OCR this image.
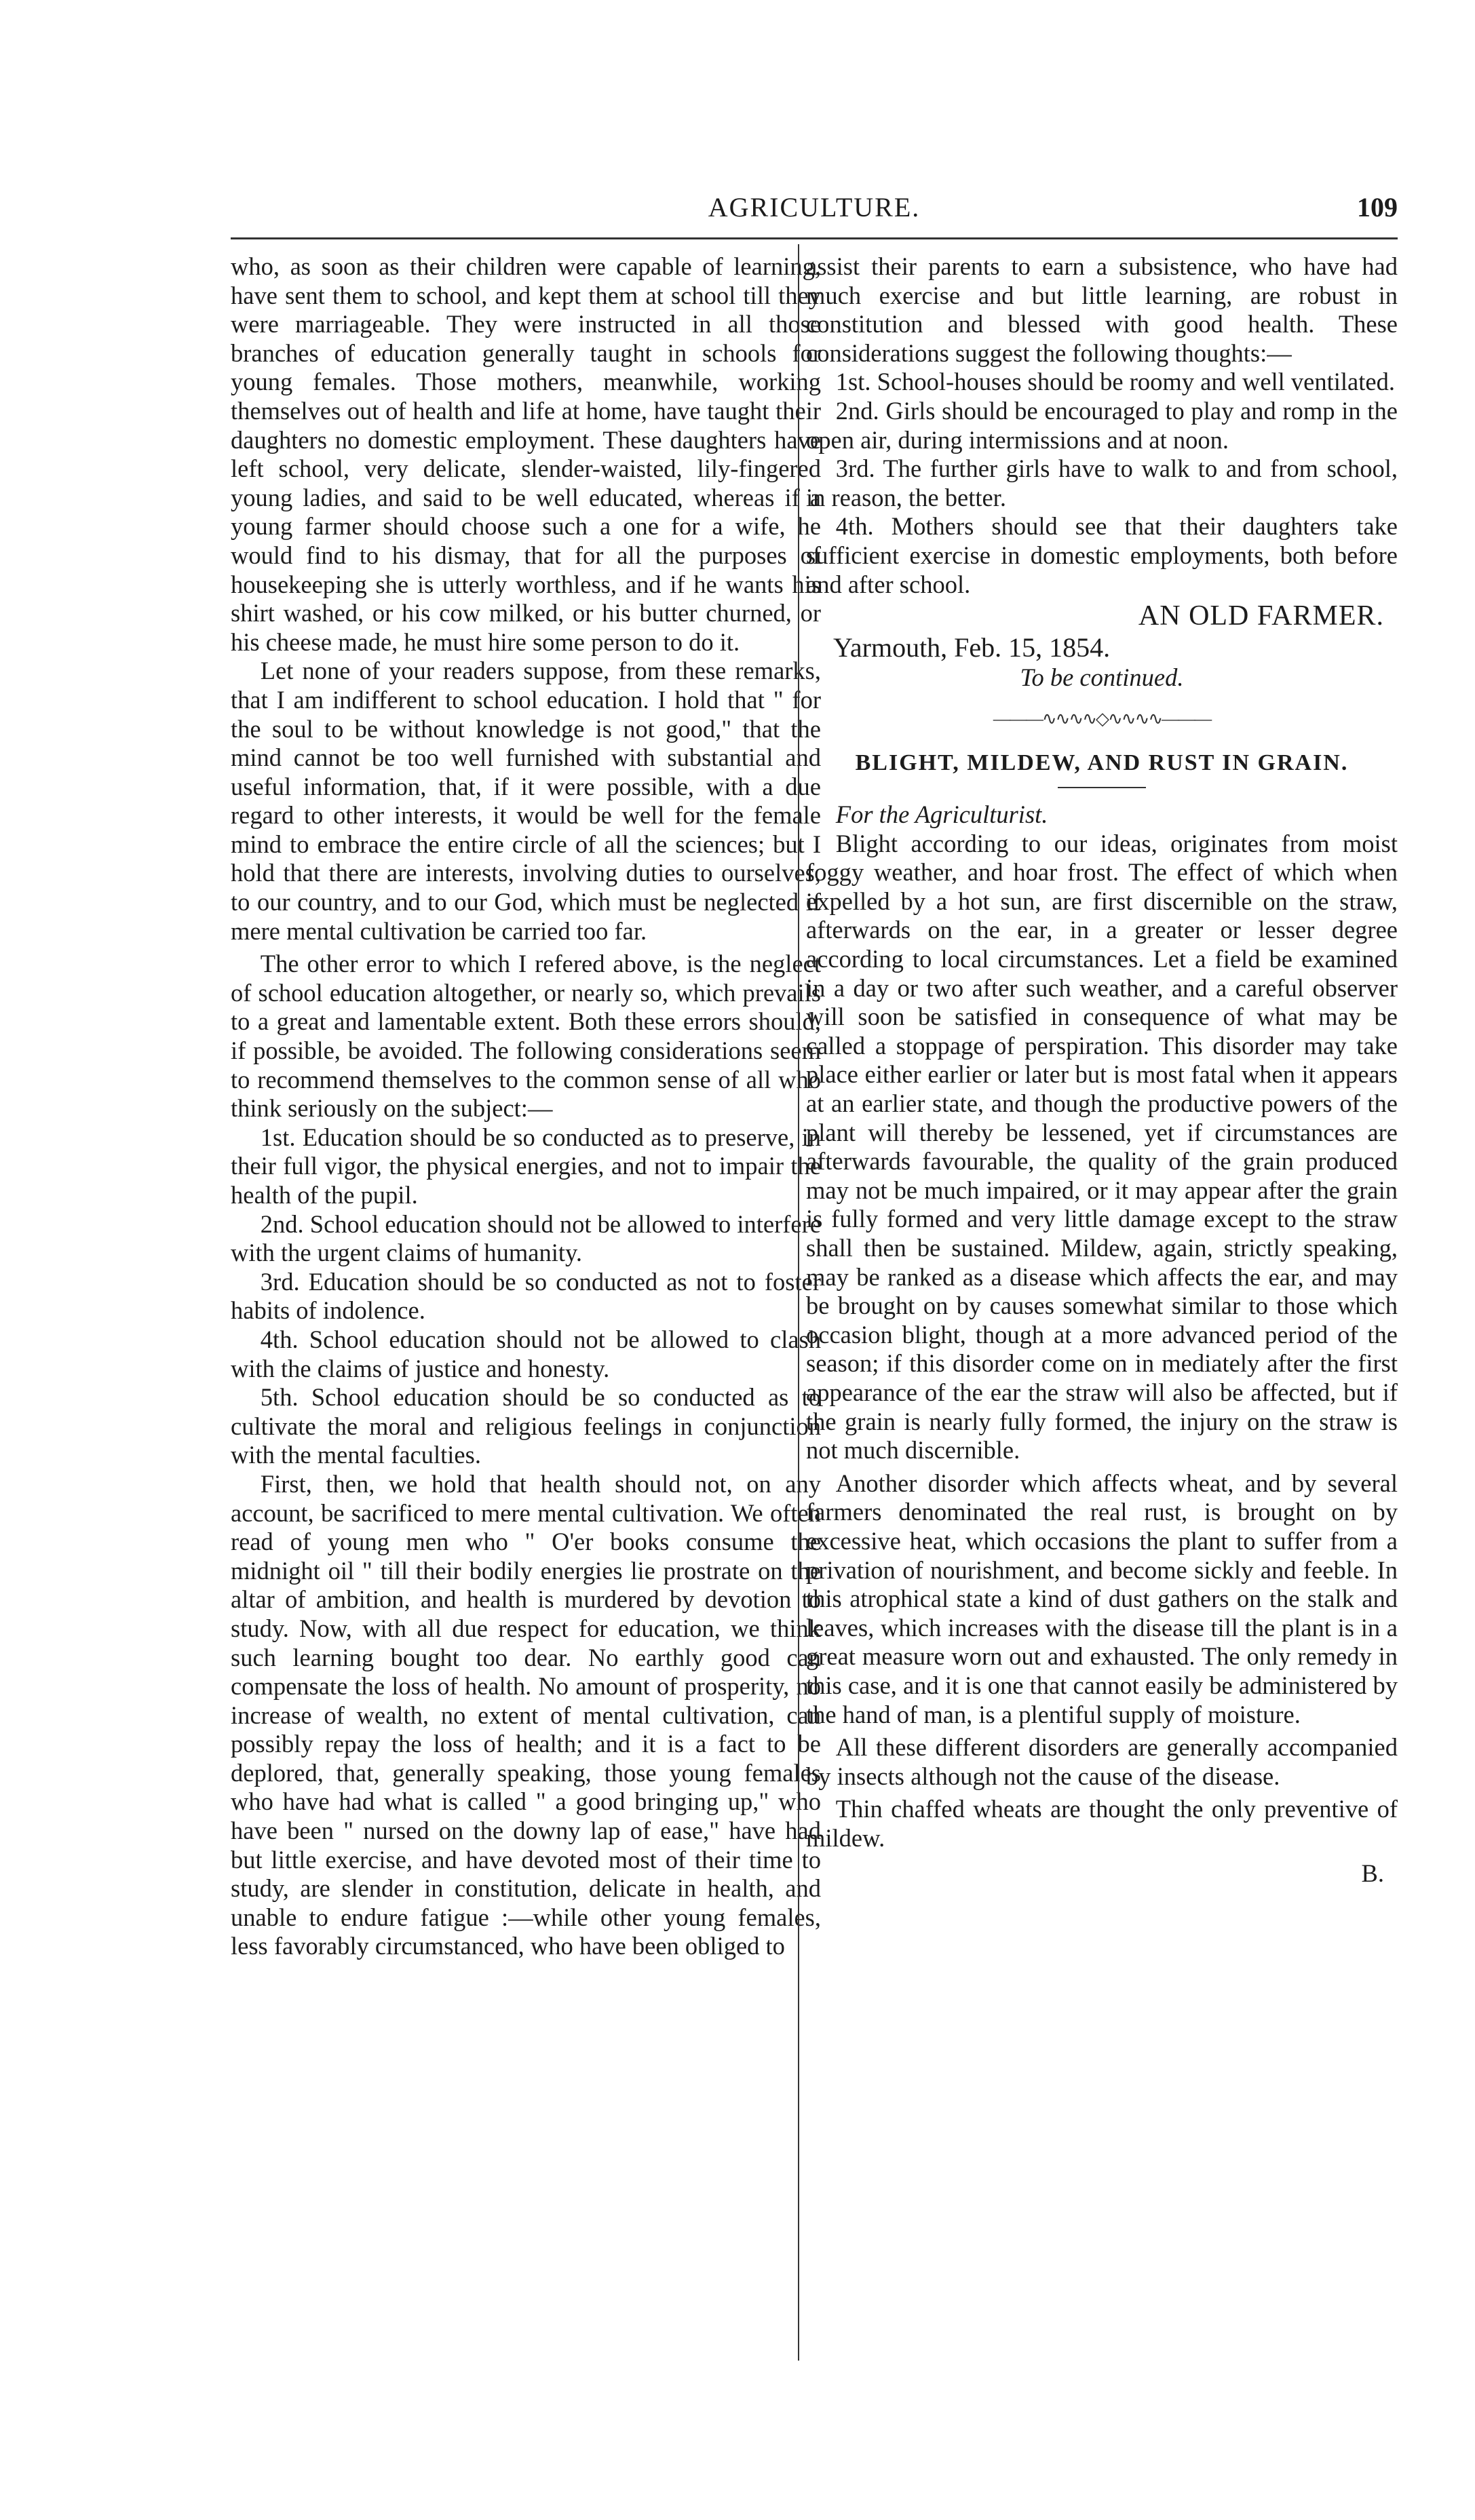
AGRICULTURE.	109

who, as soon as their children were capable of learning, have sent them to school, and kept them at school till they were marriageable. They were instructed in all those branches of education generally taught in schools for young females. Those mothers, meanwhile, working themselves out of health and life at home, have taught their daughters no domestic employment. These daughters have left school, very delicate, slender-waisted, lily-fingered young ladies, and said to be well educated, whereas if a young farmer should choose such a one for a wife, he would find to his dismay, that for all the purposes of housekeeping she is utterly worthless, and if he wants his shirt washed, or his cow milked, or his butter churned, or his cheese made, he must hire some person to do it.

Let none of your readers suppose, from these remarks, that I am indifferent to school education. I hold that " for the soul to be without knowledge is not good," that the mind cannot be too well furnished with substantial and useful information, that, if it were possible, with a due regard to other interests, it would be well for the female mind to embrace the entire circle of all the sciences; but I hold that there are interests, involving duties to ourselves, to our country, and to our God, which must be neglected if mere mental cultivation be carried too far.

The other error to which I refered above, is the neglect of school education altogether, or nearly so, which prevails to a great and lamentable extent. Both these errors should, if possible, be avoided. The following considerations seem to recommend themselves to the common sense of all who think seriously on the subject:—

1st. Education should be so conducted as to preserve, in their full vigor, the physical energies, and not to impair the health of the pupil.

2nd. School education should not be allowed to interfere with the urgent claims of humanity.

3rd. Education should be so conducted as not to foster habits of indolence.

4th. School education should not be allowed to clash with the claims of justice and honesty.

5th. School education should be so conducted as to cultivate the moral and religious feelings in conjunction with the mental faculties.

First, then, we hold that health should not, on any account, be sacrificed to mere mental cultivation. We often read of young men who " O'er books consume the midnight oil " till their bodily energies lie prostrate on the altar of ambition, and health is murdered by devotion to study. Now, with all due respect for education, we think such learning bought too dear. No earthly good can compensate the loss of health. No amount of prosperity, no increase of wealth, no extent of mental cultivation, can possibly repay the loss of health; and it is a fact to be deplored, that, generally speaking, those young females who have had what is called " a good bringing up," who have been " nursed on the downy lap of ease," have had but little exercise, and have devoted most of their time to study, are slender in constitution, delicate in health, and unable to endure fatigue :—while other young females, less favorably circumstanced, who have been obliged to

assist their parents to earn a subsistence, who have had much exercise and but little learning, are robust in constitution and blessed with good health. These considerations suggest the following thoughts:—

1st. School-houses should be roomy and well ventilated.

2nd. Girls should be encouraged to play and romp in the open air, during intermissions and at noon.

3rd. The further girls have to walk to and from school, in reason, the better.

4th. Mothers should see that their daughters take sufficient exercise in domestic employments, both before and after school.

AN OLD FARMER.
Yarmouth, Feb. 15, 1854.
To be continued.
———∿∿∿∿◇∿∿∿∿———
BLIGHT, MILDEW, AND RUST IN GRAIN.

For the Agriculturist.

Blight according to our ideas, originates from moist foggy weather, and hoar frost. The effect of which when expelled by a hot sun, are first discernible on the straw, afterwards on the ear, in a greater or lesser degree according to local circumstances. Let a field be examined in a day or two after such weather, and a careful observer will soon be satisfied in consequence of what may be called a stoppage of perspiration. This disorder may take place either earlier or later but is most fatal when it appears at an earlier state, and though the productive powers of the plant will thereby be lessened, yet if circumstances are afterwards favourable, the quality of the grain produced may not be much impaired, or it may appear after the grain is fully formed and very little damage except to the straw shall then be sustained. Mildew, again, strictly speaking, may be ranked as a disease which affects the ear, and may be brought on by causes somewhat similar to those which occasion blight, though at a more advanced period of the season; if this disorder come on in mediately after the first appearance of the ear the straw will also be affected, but if the grain is nearly fully formed, the injury on the straw is not much discernible.

Another disorder which affects wheat, and by several farmers denominated the real rust, is brought on by excessive heat, which occasions the plant to suffer from a privation of nourishment, and become sickly and feeble. In this atrophical state a kind of dust gathers on the stalk and leaves, which increases with the disease till the plant is in a great measure worn out and exhausted. The only remedy in this case, and it is one that cannot easily be administered by the hand of man, is a plentiful supply of moisture.

All these different disorders are generally accompanied by insects although not the cause of the disease.

Thin chaffed wheats are thought the only preventive of mildew.

B.
